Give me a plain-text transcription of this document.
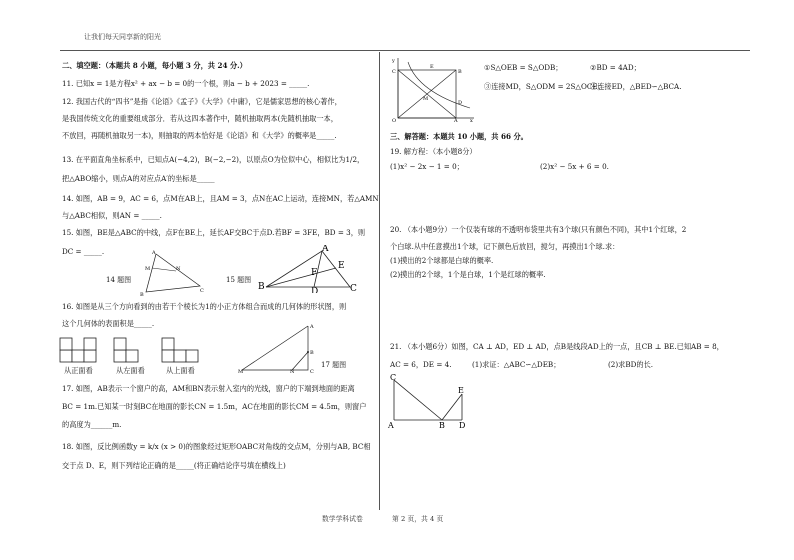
让我们每天同享新的阳光
二、填空题：（本题共 8 小题，每小题 3 分，共 24 分.）
11. 已知x = 1是方程x² + ax − b = 0的一个根，则a − b + 2023 = _____.
12. 我国古代的“四书”是指《论语》《孟子》《大学》《中庸》，它是儒家思想的核心著作，
是我国传统文化的重要组成部分．若从这四本著作中，随机抽取两本(先随机抽取一本，
不放回，再随机抽取另一本)，则抽取的两本恰好是《论语》和《大学》的概率是_____.
13. 在平面直角坐标系中，已知点A(−4,2)，B(−2,−2)，以原点O为位似中心，相似比为1/2，
把△ABO缩小，则点A的对应点A′的坐标是_____
14. 如图，AB = 9，AC = 6，点M在AB上，且AM = 3，点N在AC上运动，连接MN，若△AMN
与△ABC相似，则AN = _____.
15. 如图，BE是△ABC的中线，点F在BE上，延长AF交BC于点D.若BF = 3FE，BD = 3，则
DC = _____.	A
B
C
M	N
14 题图
A
B	C
E
F
D
15 题图
16. 如图是从三个方向看到的由若干个棱长为1的小正方体组合而成的几何体的形状图，则
这个几何体的表面积是_____.
从正面看	从左面看	从上面看
A
B
C
M	N
17 题图
17. 如图，AB表示一个窗户的高，AM和BN表示射入室内的光线，窗户的下端到地面的距离
BC = 1m.已知某一时刻BC在地面的影长CN = 1.5m，AC在地面的影长CM = 4.5m，则窗户
的高度为______m.
18. 如图，反比例函数y = k/x (x > 0)的图象经过矩形OABC对角线的交点M，分别与AB, BC相
交于点 D、E，则下列结论正确的是_____(将正确结论序号填在横线上)
y
C	B
D
E
M
O	A x
①S△OEB = S△ODB；	②BD = 4AD；
③连接MD，S△ODM = 2S△OCE；
④连接ED，△BED∽△BCA.
三、解答题：本题共 10 小题，共 66 分。
19. 解方程：（本小题8分）
(1)x² − 2x − 1 = 0；	(2)x² − 5x + 6 = 0.
20. （本小题9分）一个仅装有球的不透明布袋里共有3个球(只有颜色不同)，其中1个红球，2
个白球.从中任意摸出1个球，记下颜色后放回，搅匀，再摸出1个球.求：
(1)摸出的2个球都是白球的概率.
(2)摸出的2个球，1个是白球，1个是红球的概率.
21. （本小题6分）如图，CA ⊥ AD，ED ⊥ AD，点B是线段AD上的一点，且CB ⊥ BE.已知AB = 8，
AC = 6，DE = 4.	(1)求证：△ABC∽△DEB；	(2)求BD的长.
C
E
A	B D
数学学科试卷	第 2 页，共 4 页
